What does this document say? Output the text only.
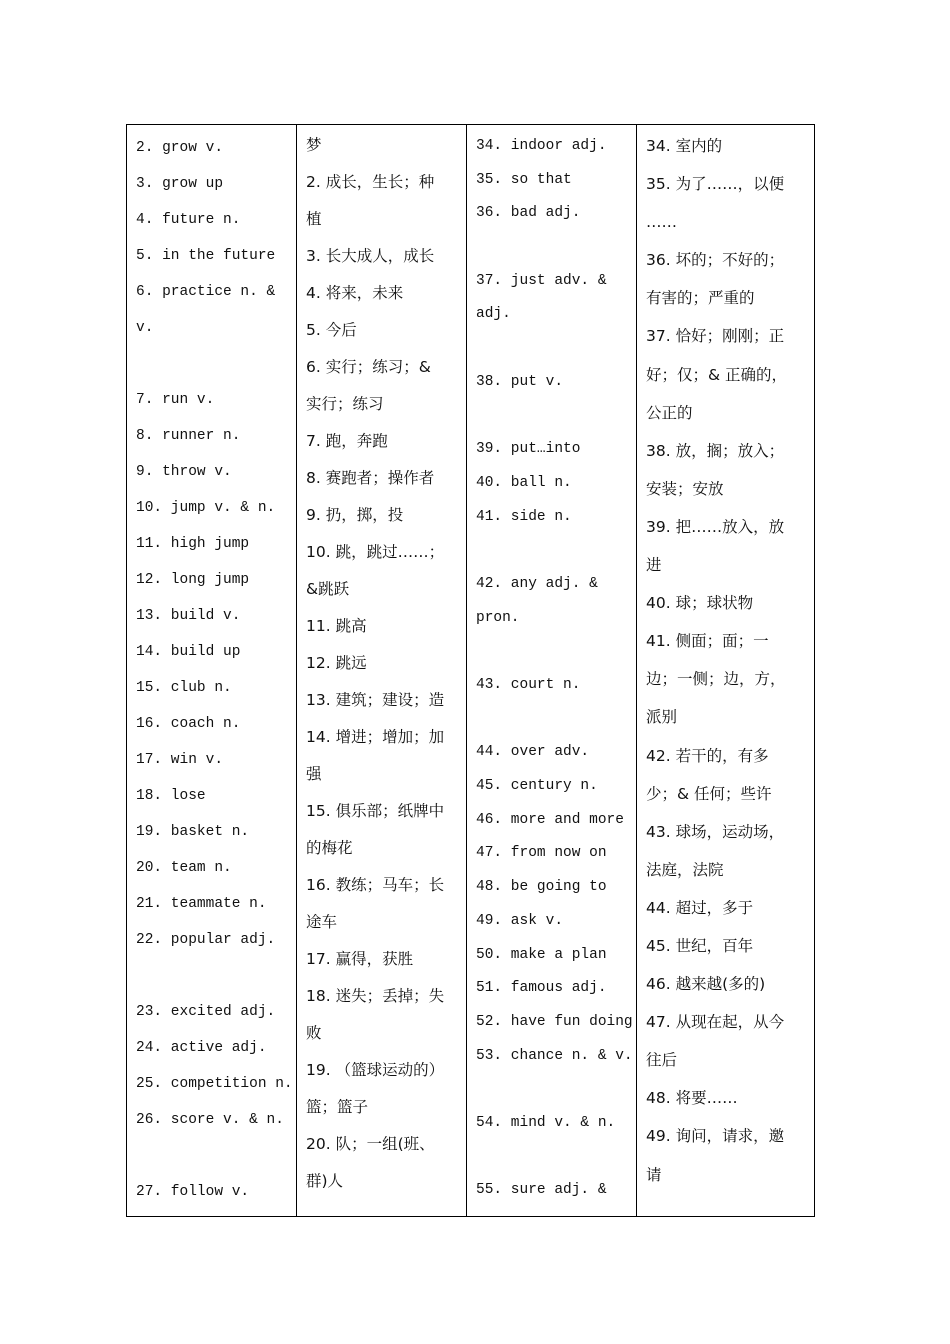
2. grow v.

3. grow up

4. future n.

5. in the future

6. practice n. &

v.

7. run v.

8. runner n.

9. throw v.

10. jump v. & n.

11. high jump

12. long jump

13. build v.

14. build up

15. club n.

16. coach n.

17. win v.

18. lose

19. basket n.

20. team n.

21. teammate n.

22. popular adj.

23. excited adj.

24. active adj.

25. competition n.

26. score v. & n.

27. follow v.

梦

2. 成长，生长；种

植

3. 长大成人，成长

4. 将来，未来

5. 今后

6. 实行；练习；&

实行；练习

7. 跑，奔跑

8. 赛跑者；操作者

9. 扔，掷，投

10. 跳，跳过……；

&跳跃

11. 跳高

12. 跳远

13. 建筑；建设；造

14. 增进；增加；加

强

15. 俱乐部；纸牌中

的梅花

16. 教练；马车；长

途车

17. 赢得，获胜

18. 迷失；丢掉；失

败

19. （篮球运动的）

篮；篮子

20. 队；一组(班、

群)人

34. indoor adj.

35. so that

36. bad adj.

37. just adv. &

adj.

38. put v.

39. put…into

40. ball n.

41. side n.

42. any adj. &

pron.

43. court n.

44. over adv.

45. century n.

46. more and more

47. from now on

48. be going to

49. ask v.

50. make a plan

51. famous adj.

52. have fun doing

53. chance n. & v.

54. mind v. & n.

55. sure adj. &

34. 室内的

35. 为了……，以便

……

36. 坏的；不好的；

有害的；严重的

37. 恰好；刚刚；正

好；仅；& 正确的，

公正的

38. 放，搁；放入；

安装；安放

39. 把……放入，放

进

40. 球；球状物

41. 侧面；面；一

边；一侧；边，方，

派别

42. 若干的，有多

少；& 任何；些许

43. 球场，运动场，

法庭，法院

44. 超过，多于

45. 世纪，百年

46. 越来越(多的)

47. 从现在起，从今

往后

48. 将要……

49. 询问，请求，邀

请
